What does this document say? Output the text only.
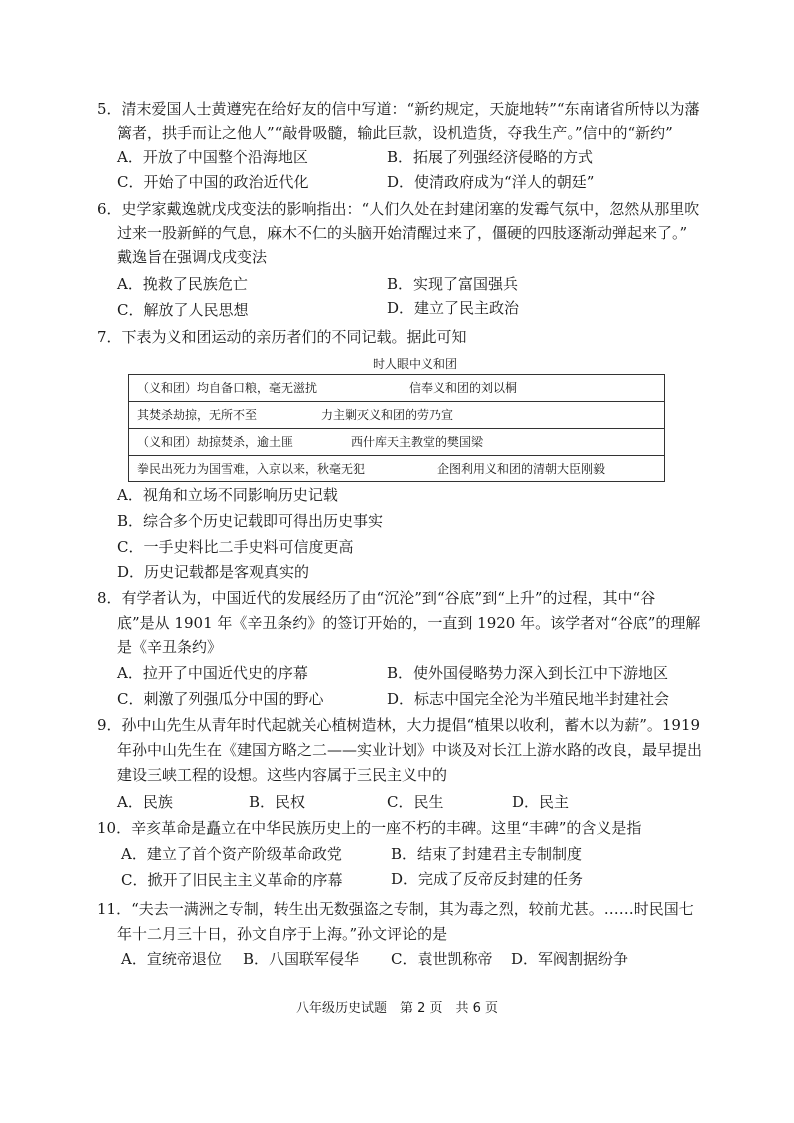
5．清末爱国人士黄遵宪在给好友的信中写道：“新约规定，天旋地转”“东南诸省所恃以为藩
篱者，拱手而让之他人”“敲骨吸髓，输此巨款，设机造货，夺我生产。”信中的“新约”
A．开放了中国整个沿海地区	B．拓展了列强经济侵略的方式
C．开始了中国的政治近代化	D．使清政府成为“洋人的朝廷”
6．史学家戴逸就戊戌变法的影响指出：“人们久处在封建闭塞的发霉气氛中，忽然从那里吹
过来一股新鲜的气息，麻木不仁的头脑开始清醒过来了，僵硬的四肢逐渐动弹起来了。”
戴逸旨在强调戊戌变法
A．挽救了民族危亡	B．实现了富国强兵
C．解放了人民思想	D．建立了民主政治
7．下表为义和团运动的亲历者们的不同记载。据此可知
时人眼中义和团
（义和团）均自备口粮，毫无滋扰	信奉义和团的刘以桐
其焚杀劫掠，无所不至	力主剿灭义和团的劳乃宣
（义和团）劫掠焚杀，逾土匪	西什库天主教堂的樊国梁
拳民出死力为国雪难，入京以来，秋毫无犯	企图利用义和团的清朝大臣刚毅
A．视角和立场不同影响历史记载
B．综合多个历史记载即可得出历史事实
C．一手史料比二手史料可信度更高
D．历史记载都是客观真实的
8．有学者认为，中国近代的发展经历了由“沉沦”到“谷底”到“上升”的过程，其中“谷
底”是从 1901 年《辛丑条约》的签订开始的，一直到 1920 年。该学者对“谷底”的理解
是《辛丑条约》
A．拉开了中国近代史的序幕	B．使外国侵略势力深入到长江中下游地区
C．刺激了列强瓜分中国的野心	D．标志中国完全沦为半殖民地半封建社会
9．孙中山先生从青年时代起就关心植树造林，大力提倡“植果以收利，蓄木以为薪”。1919
年孙中山先生在《建国方略之二——实业计划》中谈及对长江上游水路的改良，最早提出
建设三峡工程的设想。这些内容属于三民主义中的
A．民族	B．民权	C．民生	D．民主
10．辛亥革命是矗立在中华民族历史上的一座不朽的丰碑。这里“丰碑”的含义是指
A．建立了首个资产阶级革命政党	B．结束了封建君主专制制度
C．掀开了旧民主主义革命的序幕	D．完成了反帝反封建的任务
11．“夫去一满洲之专制，转生出无数强盗之专制，其为毒之烈，较前尤甚。……时民国七
年十二月三十日，孙文自序于上海。”孙文评论的是
A．宣统帝退位 B．八国联军侵华 C．袁世凯称帝 D．军阀割据纷争
八年级历史试题　第 2 页　共 6 页
